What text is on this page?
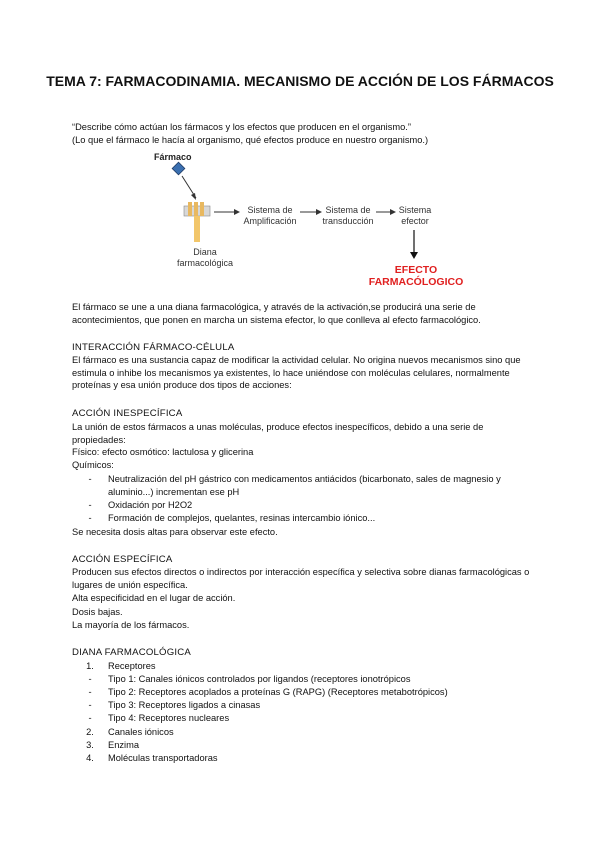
TEMA 7: FARMACODINAMIA. MECANISMO DE ACCIÓN DE LOS FÁRMACOS
“Describe cómo actúan los fármacos y los efectos que producen en el organismo.”
(Lo que el fármaco le hacía al organismo, qué efectos produce en nuestro organismo.)
Fármaco
Diana
farmacológica
Sistema de
Amplificación
Sistema de
transducción
Sistema
efector
EFECTO
FARMACÓLOGICO
El fármaco se une a una diana farmacológica, y através de la activación,se producirá una serie de acontecimientos, que ponen en marcha un sistema efector, lo que conlleva al efecto farmacológico.
INTERACCIÓN FÁRMACO-CÉLULA
El fármaco es una sustancia capaz de modificar la actividad celular. No origina nuevos mecanismos sino que estimula o inhibe los mecanismos ya existentes, lo hace uniéndose con moléculas celulares, normalmente proteínas y esa unión produce dos tipos de acciones:
ACCIÓN INESPECÍFICA
La unión de estos fármacos a unas moléculas, produce efectos inespecíficos, debido a una serie de propiedades:
Físico: efecto osmótico: lactulosa y glicerina
Químicos:
-	Neutralización del pH gástrico con medicamentos antiácidos (bicarbonato, sales de magnesio y aluminio...) incrementan ese pH
-	Oxidación por H2O2
-	Formación de complejos, quelantes, resinas intercambio iónico...
Se necesita dosis altas para observar este efecto.
ACCIÓN ESPECÍFICA
Producen sus efectos directos o indirectos por interacción específica y selectiva sobre dianas farmacológicas o lugares de unión específica.
Alta especificidad en el lugar de acción.
Dosis bajas.
La mayoría de los fármacos.
DIANA FARMACOLÓGICA
1. Receptores
- Tipo 1: Canales iónicos controlados por ligandos (receptores ionotrópicos
- Tipo 2: Receptores acoplados a proteínas G (RAPG) (Receptores metabotrópicos)
- Tipo 3: Receptores ligados a cinasas
- Tipo 4: Receptores nucleares
2. Canales iónicos
3. Enzima
4. Moléculas transportadoras
